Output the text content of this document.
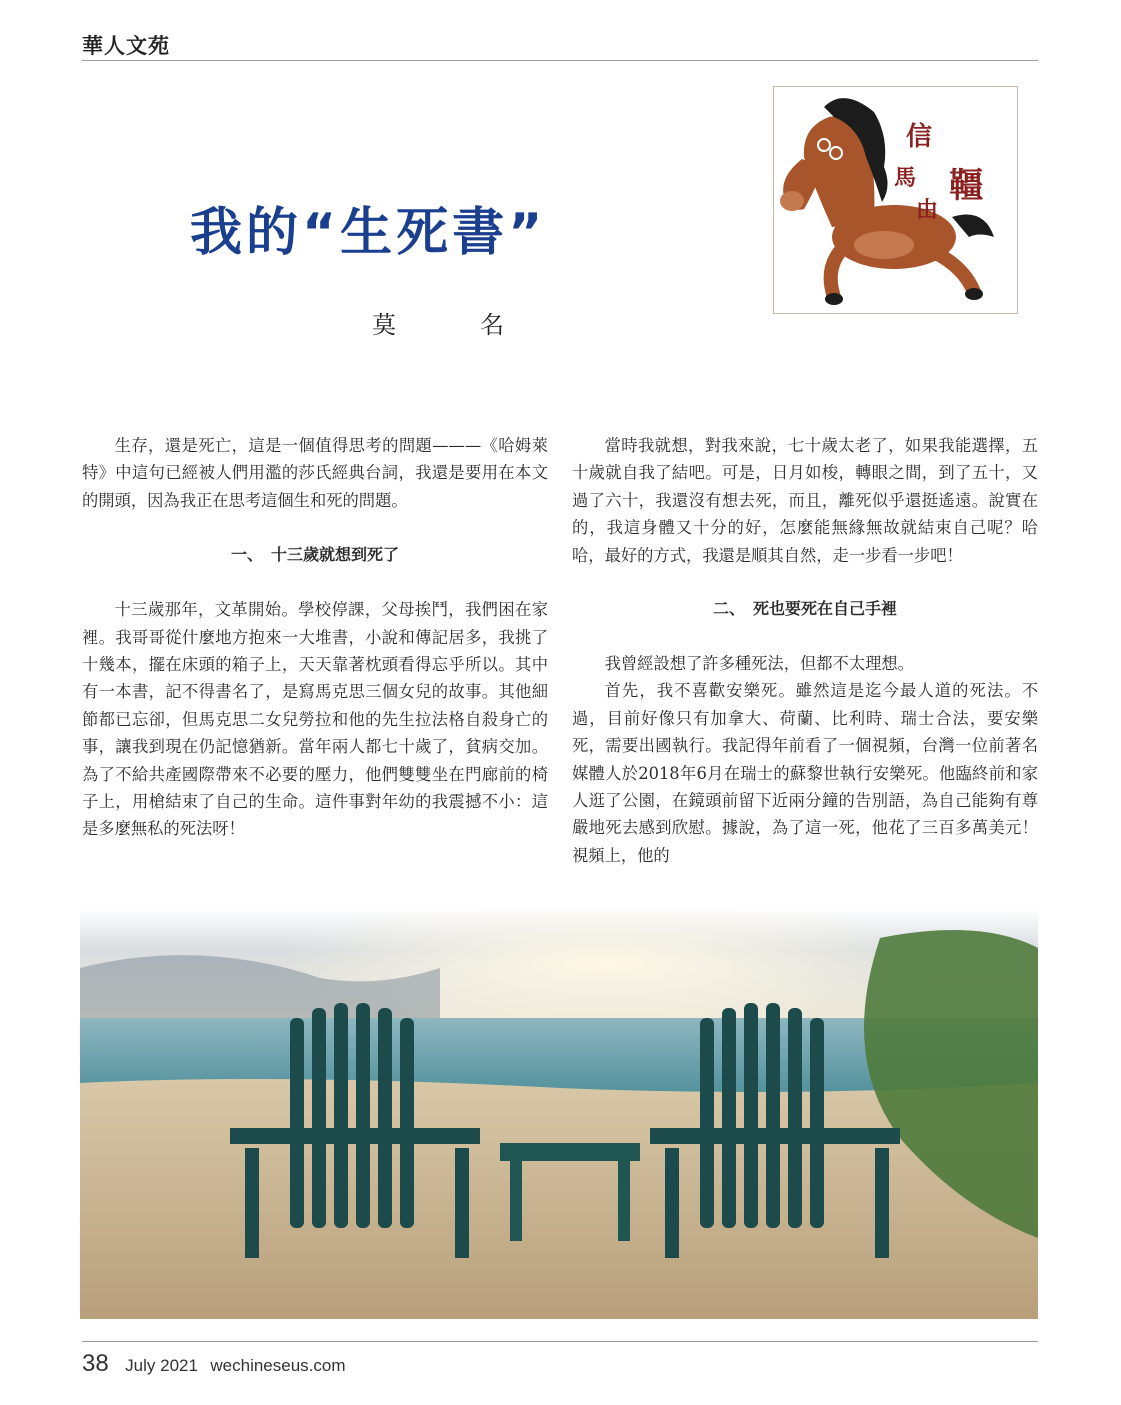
華人文苑
我的“生死書”
莫　名
信
馬
由
韁

生存，還是死亡，這是一個值得思考的問題———《哈姆萊特》中這句已經被人們用濫的莎氏經典台詞，我還是要用在本文的開頭，因為我正在思考這個生和死的問題。

一、　十三歲就想到死了

十三歲那年，文革開始。學校停課，父母挨鬥，我們困在家裡。我哥哥從什麼地方抱來一大堆書，小說和傳記居多，我挑了十幾本，擺在床頭的箱子上，天天靠著枕頭看得忘乎所以。其中有一本書，記不得書名了，是寫馬克思三個女兒的故事。其他細節都已忘卻，但馬克思二女兒勞拉和他的先生拉法格自殺身亡的事，讓我到現在仍記憶猶新。當年兩人都七十歲了，貧病交加。為了不給共產國際帶來不必要的壓力，他們雙雙坐在門廊前的椅子上，用槍結束了自己的生命。這件事對年幼的我震撼不小：這是多麼無私的死法呀！

當時我就想，對我來說，七十歲太老了，如果我能選擇，五十歲就自我了結吧。可是，日月如梭，轉眼之間，到了五十，又過了六十，我還沒有想去死，而且，離死似乎還挺遙遠。說實在的，我這身體又十分的好，怎麼能無緣無故就結束自己呢？哈哈，最好的方式，我還是順其自然，走一步看一步吧！

二、　死也要死在自己手裡

我曾經設想了許多種死法，但都不太理想。

首先，我不喜歡安樂死。雖然這是迄今最人道的死法。不過，目前好像只有加拿大、荷蘭、比利時、瑞士合法，要安樂死，需要出國執行。我記得年前看了一個視頻，台灣一位前著名媒體人於2018年6月在瑞士的蘇黎世執行安樂死。他臨終前和家人逛了公園，在鏡頭前留下近兩分鐘的告別語，為自己能夠有尊嚴地死去感到欣慰。據說，為了這一死，他花了三百多萬美元！視頻上，他的

38 July 2021 wechineseus.com
